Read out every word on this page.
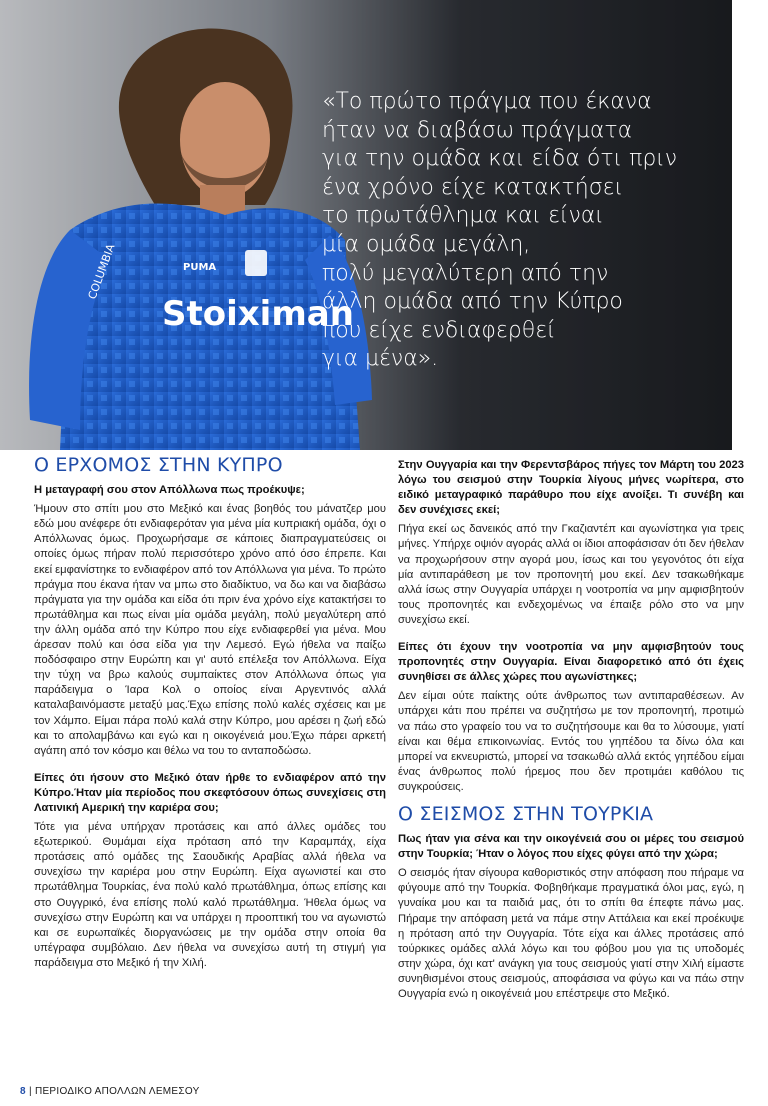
Stoiximan
COLUMBIA	PUMA
«Το πρώτο πράγμα που έκανα
ήταν να διαβάσω πράγματα
για την ομάδα και είδα ότι πριν
ένα χρόνο είχε κατακτήσει
το πρωτάθλημα και είναι
μία ομάδα μεγάλη,
πολύ μεγαλύτερη από την
άλλη ομάδα από την Κύπρο
που είχε ενδιαφερθεί
για μένα».
Ο ΕΡΧΟΜΟΣ ΣΤΗΝ ΚΥΠΡΟ

Η μεταγραφή σου στον Απόλλωνα πως προέκυψε;

Ήμουν στο σπίτι μου στο Μεξικό και ένας βοηθός του μάνατζερ μου εδώ μου ανέφερε ότι ενδιαφερόταν για μένα μία κυπριακή ομάδα, όχι ο Απόλλωνας όμως. Προχωρήσαμε σε κάποιες διαπραγματεύσεις οι οποίες όμως πήραν πολύ περισσότερο χρόνο από όσο έπρεπε. Και εκεί εμφανίστηκε το ενδιαφέρον από τον Απόλλωνα για μένα. Το πρώτο πράγμα που έκανα ήταν να μπω στο διαδίκτυο, να δω και να διαβάσω πράγματα για την ομάδα και είδα ότι πριν ένα χρόνο είχε κατακτήσει το πρωτάθλημα και πως είναι μία ομάδα μεγάλη, πολύ μεγαλύτερη από την άλλη ομάδα από την Κύπρο που είχε ενδιαφερθεί για μένα. Μου άρεσαν πολύ και όσα είδα για την Λεμεσό. Εγώ ήθελα να παίξω ποδόσφαιρο στην Ευρώπη και γι' αυτό επέλεξα τον Απόλλωνα. Είχα την τύχη να βρω καλούς συμπαίκτες στον Απόλλωνα όπως για παράδειγμα ο Ίαρα Κολ ο οποίος είναι Αργεντινός αλλά καταλαβαινόμαστε μεταξύ μας.Έχω επίσης πολύ καλές σχέσεις και με τον Χάμπο. Είμαι πάρα πολύ καλά στην Κύπρο, μου αρέσει η ζωή εδώ και το απολαμβάνω και εγώ και η οικογένειά μου.Έχω πάρει αρκετή αγάπη από τον κόσμο και θέλω να του το ανταποδώσω.

Είπες ότι ήσουν στο Μεξικό όταν ήρθε το ενδιαφέρον από την Κύπρο.Ήταν μία περίοδος που σκεφτόσουν όπως συνεχίσεις στη Λατινική Αμερική την καριέρα σου;

Τότε για μένα υπήρχαν προτάσεις και από άλλες ομάδες του εξωτερικού. Θυμάμαι είχα πρόταση από την Καραμπάχ, είχα προτάσεις από ομάδες της Σαουδικής Αραβίας αλλά ήθελα να συνεχίσω την καριέρα μου στην Ευρώπη. Είχα αγωνιστεί και στο πρωτάθλημα Τουρκίας, ένα πολύ καλό πρωτάθλημα, όπως επίσης και στο Ουγγρικό, ένα επίσης πολύ καλό πρωτάθλημα. Ήθελα όμως να συνεχίσω στην Ευρώπη και να υπάρχει η προοπτική του να αγωνιστώ και σε ευρωπαϊκές διοργανώσεις με την ομάδα στην οποία θα υπέγραφα συμβόλαιο. Δεν ήθελα να συνεχίσω αυτή τη στιγμή για παράδειγμα στο Μεξικό ή την Χιλή.

Στην Ουγγαρία και την Φερεντσβάρος πήγες τον Μάρτη του 2023 λόγω του σεισμού στην Τουρκία λίγους μήνες νωρίτερα, στο ειδικό μεταγραφικό παράθυρο που είχε ανοίξει. Τι συνέβη και δεν συνέχισες εκεί;

Πήγα εκεί ως δανεικός από την Γκαζιαντέπ και αγωνίστηκα για τρεις μήνες. Υπήρχε οψιόν αγοράς αλλά οι ίδιοι αποφάσισαν ότι δεν ήθελαν να προχωρήσουν στην αγορά μου, ίσως και του γεγονότος ότι είχα μία αντιπαράθεση με τον προπονητή μου εκεί. Δεν τσακωθήκαμε αλλά ίσως στην Ουγγαρία υπάρχει η νοοτροπία να μην αμφισβητούν τους προπονητές και ενδεχομένως να έπαιξε ρόλο στο να μην συνεχίσω εκεί.

Είπες ότι έχουν την νοοτροπία να μην αμφισβητούν τους προπονητές στην Ουγγαρία. Είναι διαφορετικό από ότι έχεις συνηθίσει σε άλλες χώρες που αγωνίστηκες;

Δεν είμαι ούτε παίκτης ούτε άνθρωπος των αντιπαραθέσεων. Αν υπάρχει κάτι που πρέπει να συζητήσω με τον προπονητή, προτιμώ να πάω στο γραφείο του να το συζητήσουμε και θα το λύσουμε, γιατί είναι και θέμα επικοινωνίας. Εντός του γηπέδου τα δίνω όλα και μπορεί να εκνευριστώ, μπορεί να τσακωθώ αλλά εκτός γηπέδου είμαι ένας άνθρωπος πολύ ήρεμος που δεν προτιμάει καθόλου τις συγκρούσεις.

Ο ΣΕΙΣΜΟΣ ΣΤΗΝ ΤΟΥΡΚΙΑ

Πως ήταν για σένα και την οικογένειά σου οι μέρες του σεισμού στην Τουρκία; Ήταν ο λόγος που είχες φύγει από την χώρα;

Ο σεισμός ήταν σίγουρα καθοριστικός στην απόφαση που πήραμε να φύγουμε από την Τουρκία. Φοβηθήκαμε πραγματικά όλοι μας, εγώ, η γυναίκα μου και τα παιδιά μας, ότι το σπίτι θα έπεφτε πάνω μας. Πήραμε την απόφαση μετά να πάμε στην Αττάλεια και εκεί προέκυψε η πρόταση από την Ουγγαρία. Τότε είχα και άλλες προτάσεις από τούρκικες ομάδες αλλά λόγω και του φόβου μου για τις υποδομές στην χώρα, όχι κατ' ανάγκη για τους σεισμούς γιατί στην Χιλή είμαστε συνηθισμένοι στους σεισμούς, αποφάσισα να φύγω και να πάω στην Ουγγαρία ενώ η οικογένειά μου επέστρεψε στο Μεξικό.

8 | ΠΕΡΙΟΔΙΚΟ ΑΠΟΛΛΩΝ ΛΕΜΕΣΟΥ
